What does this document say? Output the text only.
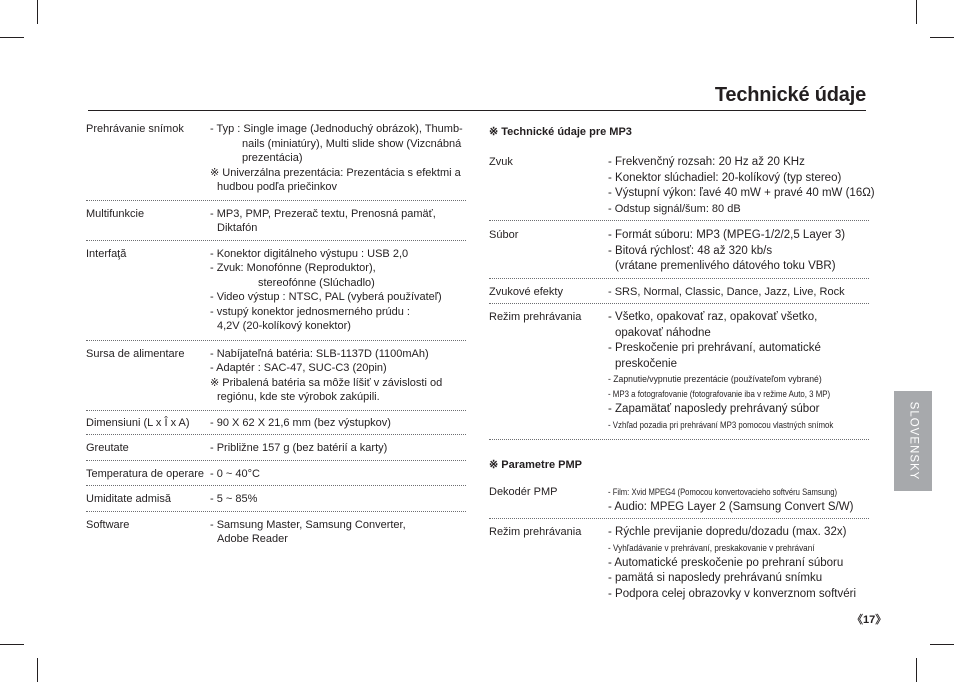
Technické údaje
Prehrávanie snímok	- Typ : Single image (Jednoduchý obrázok), Thumb-
nails (miniatúry), Multi slide show (Vizcnábná
prezentácia)
※ Univerzálna prezentácia: Prezentácia s efektmi a
hudbou podľa priečinkov
Multifunkcie	- MP3, PMP, Prezerač textu, Prenosná pamäť,
Diktafón
Interfaţă	- Konektor digitálneho výstupu : USB 2,0
- Zvuk: Monofónne (Reproduktor),
stereofónne (Slúchadlo)
- Video výstup : NTSC, PAL (vyberá používateľ)
- vstupý konektor jednosmerného prúdu :
4,2V (20-kolíkový konektor)
Sursa de alimentare	- Nabíjateľná batéria: SLB-1137D (1100mAh)
- Adaptér : SAC-47, SUC-C3 (20pin)
※ Pribalená batéria sa môže líšiť v závislosti od
regiónu, kde ste výrobok zakúpili.
Dimensiuni (L x Î x A)	- 90 X 62 X 21,6 mm (bez výstupkov)
Greutate	- Približne 157 g (bez batérií a karty)
Temperatura de operare - 0 ~ 40°C
Umiditate admisă	- 5 ~ 85%
Software	- Samsung Master, Samsung Converter,
Adobe Reader
※ Technické údaje pre MP3
Zvuk	- Frekvenčný rozsah: 20 Hz až 20 KHz
- Konektor slúchadiel: 20-kolíkový (typ stereo)
- Výstupní výkon: ľavé 40 mW + pravé 40 mW (16Ω)
- Odstup signál/šum: 80 dB
Súbor	- Formát súboru: MP3 (MPEG-1/2/2,5 Layer 3)
- Bitová rýchlosť: 48 až 320 kb/s
(vrátane premenlivého dátového toku VBR)
Zvukové efekty	- SRS, Normal, Classic, Dance, Jazz, Live, Rock
Režim prehrávania	- Všetko, opakovať raz, opakovať všetko,
opakovať náhodne
- Preskočenie pri prehrávaní, automatické
preskočenie
- Zapnutie/vypnutie prezentácie (používateľom vybrané)
- MP3 a fotografovanie (fotografovanie iba v režime Auto, 3 MP)
- Zapamätať naposledy prehrávaný súbor
- Vzhľad pozadia pri prehrávaní MP3 pomocou vlastných snímok
※ Parametre PMP
Dekodér PMP	- Film: Xvid MPEG4 (Pomocou konvertovacieho softvéru Samsung)
- Audio: MPEG Layer 2 (Samsung Convert S/W)
Režim prehrávania	- Rýchle previjanie dopredu/dozadu (max. 32x)
- Vyhľadávanie v prehrávaní, preskakovanie v prehrávaní
- Automatické preskočenie po prehraní súboru
- pamätá si naposledy prehrávanú snímku
- Podpora celej obrazovky v konverznom softvéri
SLOVENSKY
《17》
